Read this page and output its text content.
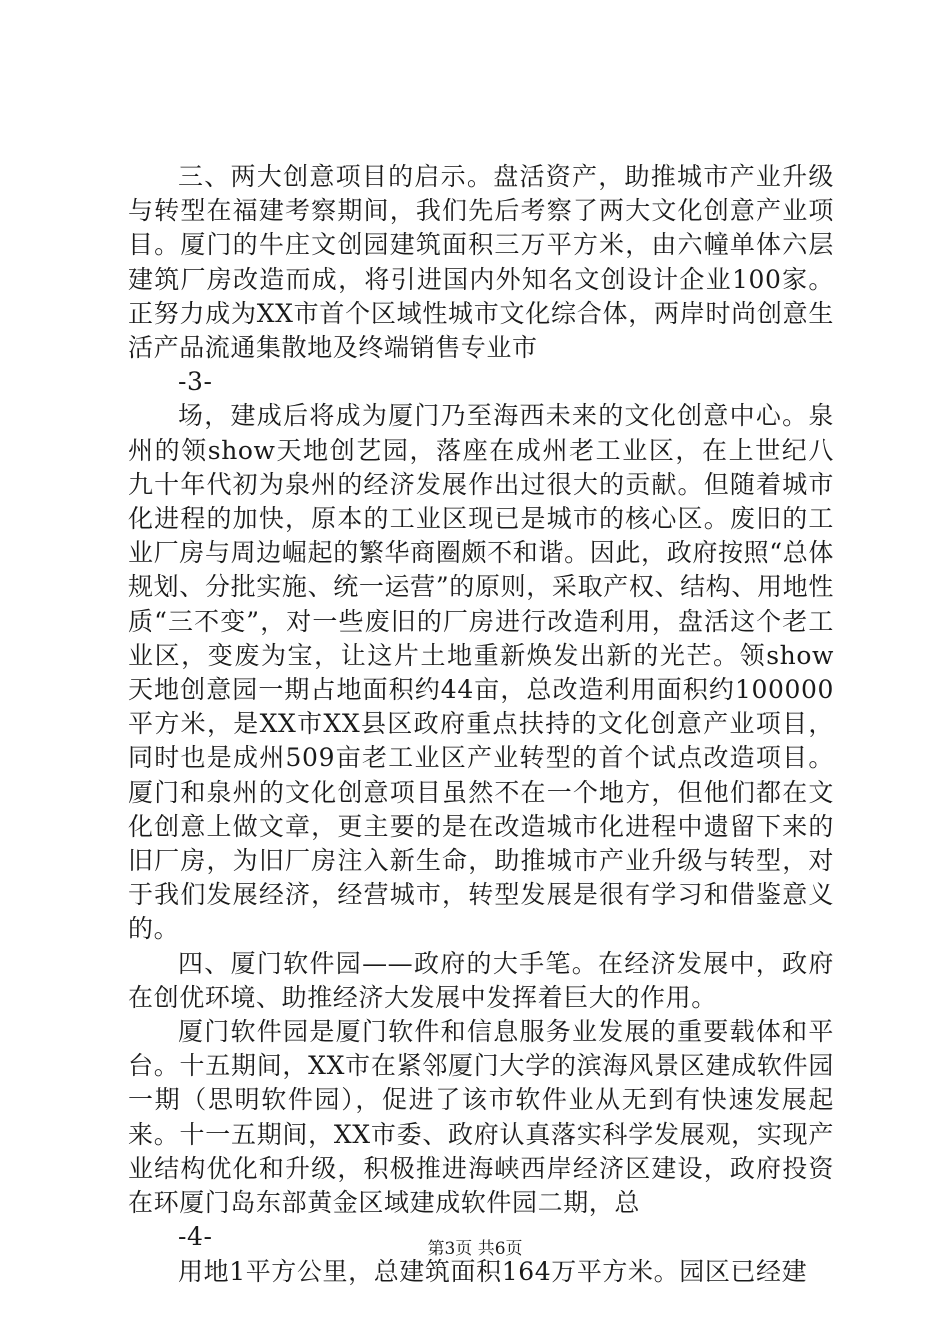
三、两大创意项目的启示。盘活资产，助推城市产业升级与转型在福建考察期间，我们先后考察了两大文化创意产业项目。厦门的牛庄文创园建筑面积三万平方米，由六幢单体六层建筑厂房改造而成，将引进国内外知名文创设计企业100家。正努力成为XX市首个区域性城市文化综合体，两岸时尚创意生活产品流通集散地及终端销售专业市

-3-

场，建成后将成为厦门乃至海西未来的文化创意中心。泉州的领show天地创艺园，落座在成州老工业区，在上世纪八九十年代初为泉州的经济发展作出过很大的贡献。但随着城市化进程的加快，原本的工业区现已是城市的核心区。废旧的工业厂房与周边崛起的繁华商圈颇不和谐。因此，政府按照“总体规划、分批实施、统一运营”的原则，采取产权、结构、用地性质“三不变”，对一些废旧的厂房进行改造利用，盘活这个老工业区，变废为宝，让这片土地重新焕发出新的光芒。领show天地创意园一期占地面积约44亩，总改造利用面积约100000平方米，是XX市XX县区政府重点扶持的文化创意产业项目，同时也是成州509亩老工业区产业转型的首个试点改造项目。厦门和泉州的文化创意项目虽然不在一个地方，但他们都在文化创意上做文章，更主要的是在改造城市化进程中遗留下来的旧厂房，为旧厂房注入新生命，助推城市产业升级与转型，对于我们发展经济，经营城市，转型发展是很有学习和借鉴意义的。

四、厦门软件园——政府的大手笔。在经济发展中，政府在创优环境、助推经济大发展中发挥着巨大的作用。

厦门软件园是厦门软件和信息服务业发展的重要载体和平台。十五期间，XX市在紧邻厦门大学的滨海风景区建成软件园一期（思明软件园），促进了该市软件业从无到有快速发展起来。十一五期间，XX市委、政府认真落实科学发展观，实现产业结构优化和升级，积极推进海峡西岸经济区建设，政府投资在环厦门岛东部黄金区域建成软件园二期，总

-4-

用地1平方公里，总建筑面积164万平方米。园区已经建

第3页 共6页
